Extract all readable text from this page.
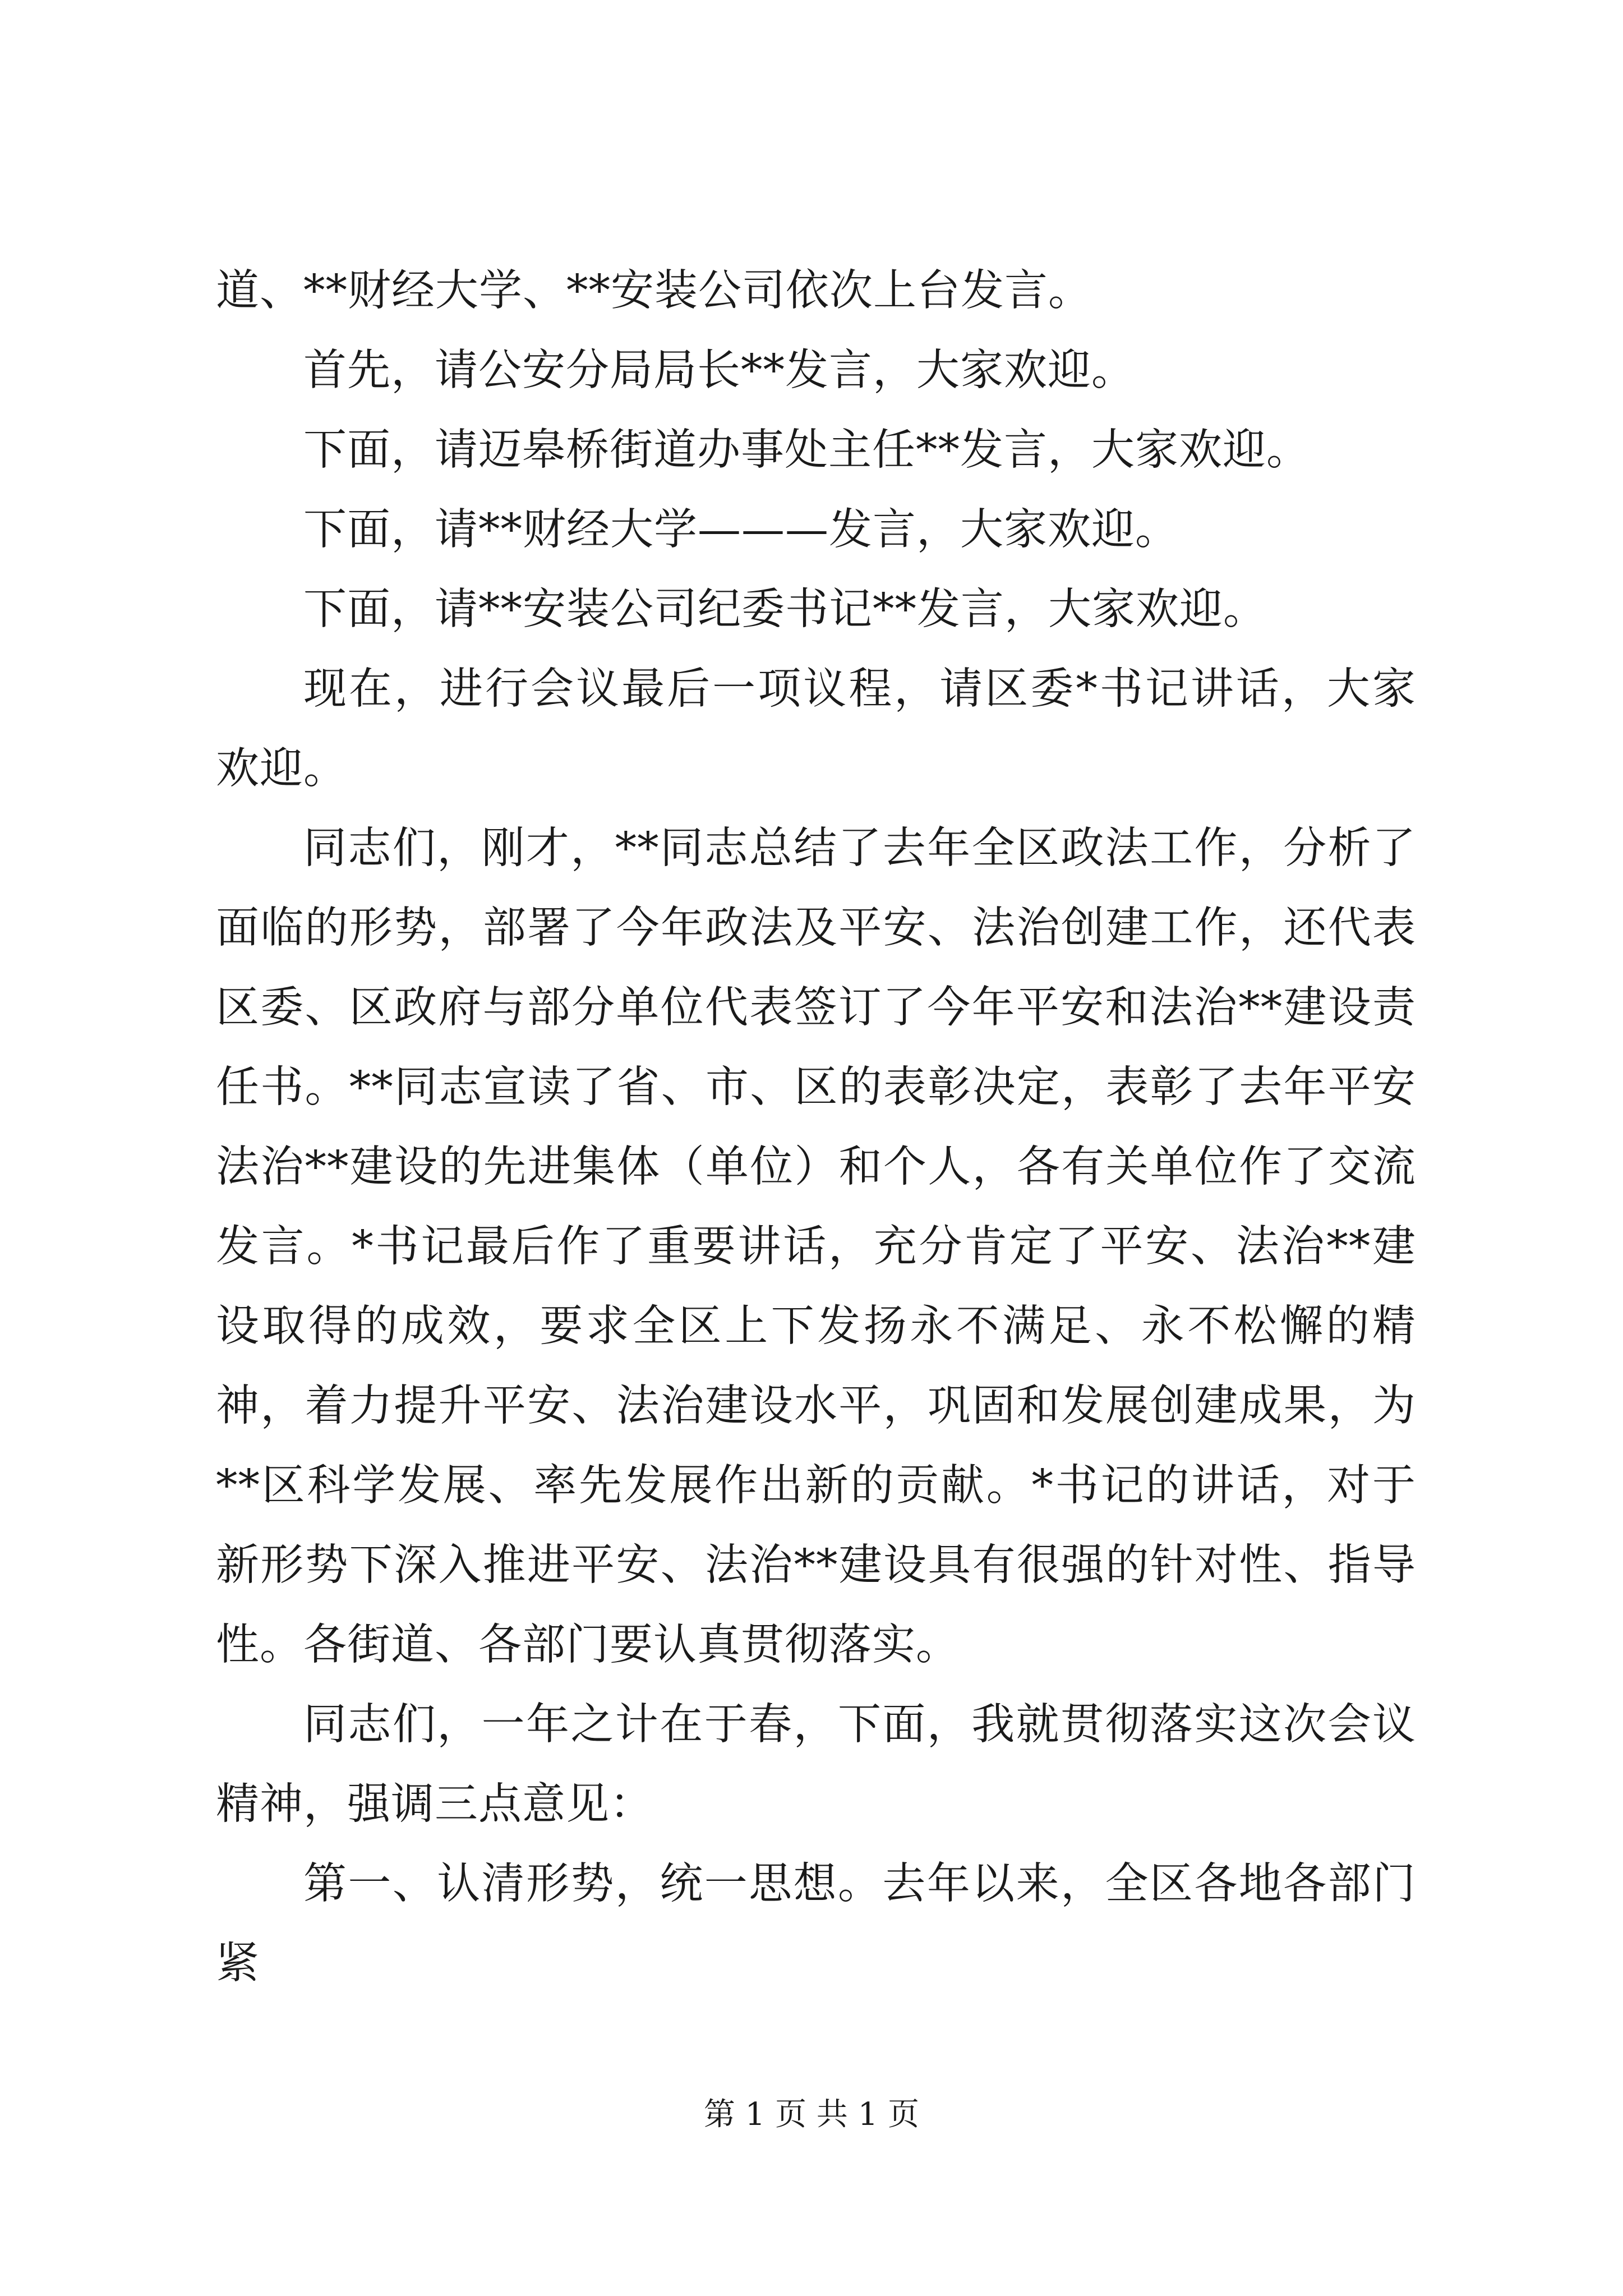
道、**财经大学、**安装公司依次上台发言。

首先，请公安分局局长**发言，大家欢迎。

下面，请迈皋桥街道办事处主任**发言，大家欢迎。

下面，请**财经大学———发言，大家欢迎。

下面，请**安装公司纪委书记**发言，大家欢迎。

现在，进行会议最后一项议程，请区委*书记讲话，大家欢迎。

同志们，刚才，**同志总结了去年全区政法工作，分析了面临的形势，部署了今年政法及平安、法治创建工作，还代表区委、区政府与部分单位代表签订了今年平安和法治**建设责任书。**同志宣读了省、市、区的表彰决定，表彰了去年平安法治**建设的先进集体（单位）和个人，各有关单位作了交流发言。*书记最后作了重要讲话，充分肯定了平安、法治**建设取得的成效，要求全区上下发扬永不满足、永不松懈的精神，着力提升平安、法治建设水平，巩固和发展创建成果，为**区科学发展、率先发展作出新的贡献。*书记的讲话，对于新形势下深入推进平安、法治**建设具有很强的针对性、指导性。各街道、各部门要认真贯彻落实。

同志们，一年之计在于春，下面，我就贯彻落实这次会议精神，强调三点意见：

第一、认清形势，统一思想。去年以来，全区各地各部门紧

第 1 页 共 1 页
